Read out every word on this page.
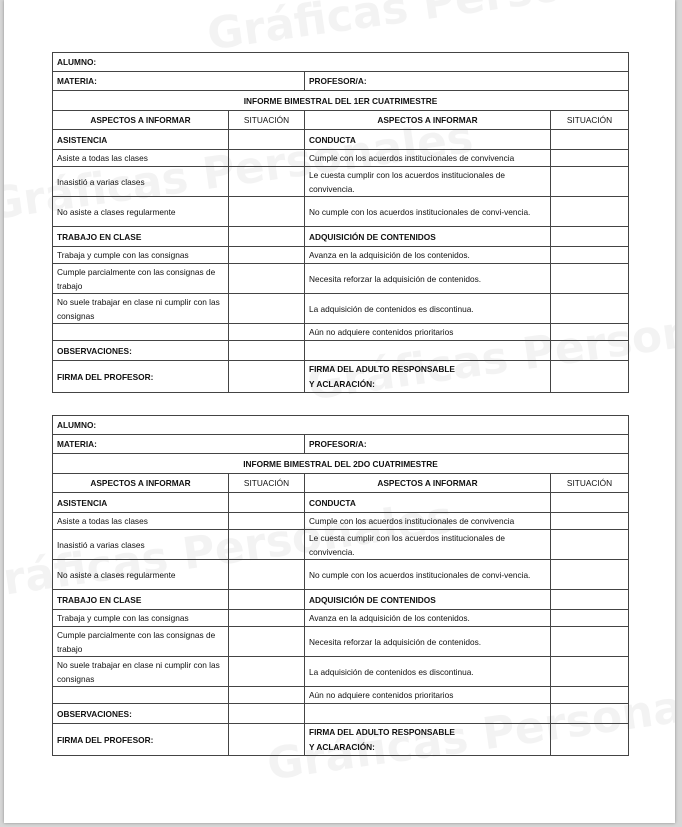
ALUMNO:			
MATERIA:		PROFESOR/A:	
INFORME BIMESTRAL DEL 1ER CUATRIMESTRE			
ASPECTOS A INFORMAR	SITUACIÓN	ASPECTOS A INFORMAR	SITUACIÓN
ASISTENCIA		CONDUCTA	
Asiste a todas las clases		Cumple con los acuerdos institucionales de convivencia	
Inasistió a varias clases		Le cuesta cumplir con los acuerdos institucionales de convivencia.	
No asiste a clases regularmente		No cumple con los acuerdos institucionales de convi-vencia.	
TRABAJO EN CLASE		ADQUISICIÓN DE CONTENIDOS	
Trabaja y cumple con las consignas		Avanza en la adquisición de los contenidos.	
Cumple parcialmente con las consignas de trabajo		Necesita reforzar la adquisición de contenidos.	
No suele trabajar en clase ni cumplir con las consignas		La adquisición de contenidos es discontinua.	
		Aún no adquiere contenidos prioritarios	
OBSERVACIONES:			
FIRMA DEL PROFESOR:		FIRMA DEL ADULTO RESPONSABLE
Y ACLARACIÓN:	

ALUMNO:			
MATERIA:		PROFESOR/A:	
INFORME BIMESTRAL DEL 2DO CUATRIMESTRE			
ASPECTOS A INFORMAR	SITUACIÓN	ASPECTOS A INFORMAR	SITUACIÓN
ASISTENCIA		CONDUCTA	
Asiste a todas las clases		Cumple con los acuerdos institucionales de convivencia	
Inasistió a varias clases		Le cuesta cumplir con los acuerdos institucionales de convivencia.	
No asiste a clases regularmente		No cumple con los acuerdos institucionales de convi-vencia.	
TRABAJO EN CLASE		ADQUISICIÓN DE CONTENIDOS	
Trabaja y cumple con las consignas		Avanza en la adquisición de los contenidos.	
Cumple parcialmente con las consignas de trabajo		Necesita reforzar la adquisición de contenidos.	
No suele trabajar en clase ni cumplir con las consignas		La adquisición de contenidos es discontinua.	
		Aún no adquiere contenidos prioritarios	
OBSERVACIONES:			
FIRMA DEL PROFESOR:		FIRMA DEL ADULTO RESPONSABLE
Y ACLARACIÓN:	
